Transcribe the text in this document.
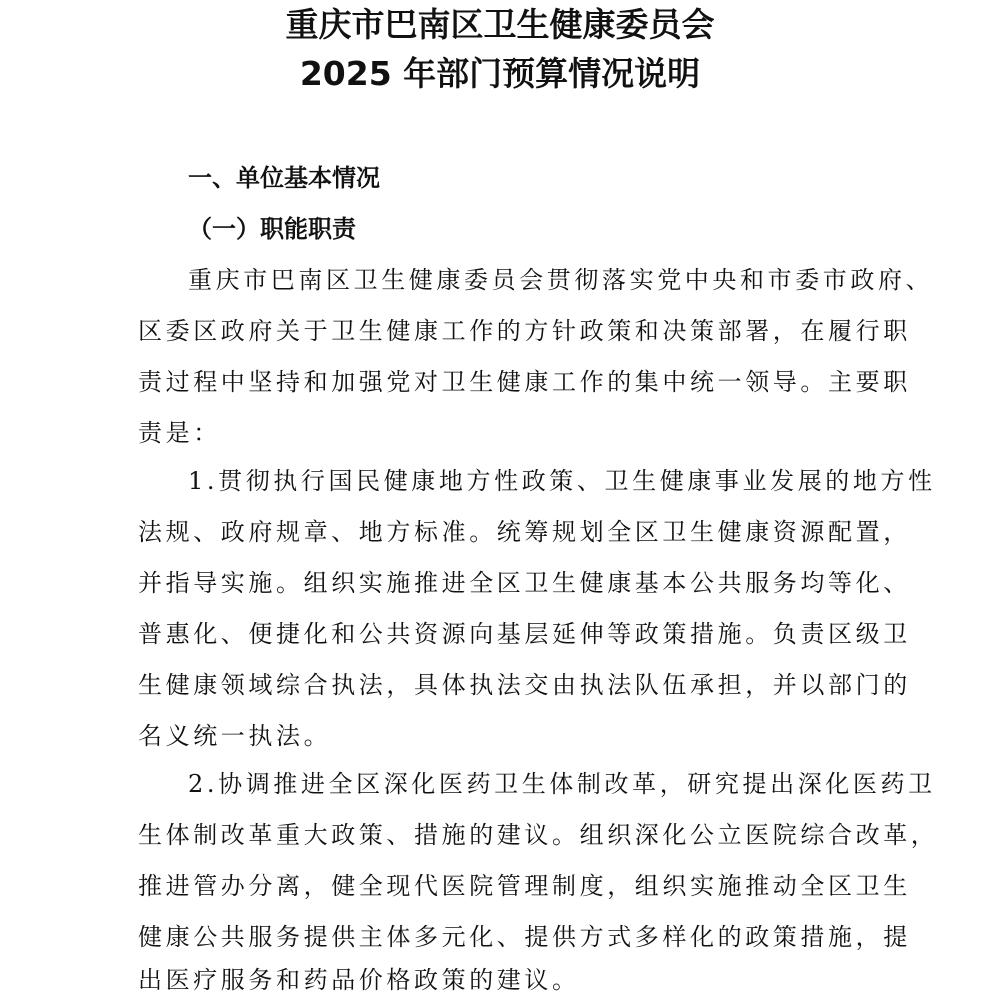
重庆市巴南区卫生健康委员会
2025 年部门预算情况说明
一、单位基本情况
（一）职能职责

重庆市巴南区卫生健康委员会贯彻落实党中央和市委市政府、

区委区政府关于卫生健康工作的方针政策和决策部署，在履行职

责过程中坚持和加强党对卫生健康工作的集中统一领导。主要职

责是：

1.贯彻执行国民健康地方性政策、卫生健康事业发展的地方性

法规、政府规章、地方标准。统筹规划全区卫生健康资源配置，

并指导实施。组织实施推进全区卫生健康基本公共服务均等化、

普惠化、便捷化和公共资源向基层延伸等政策措施。负责区级卫

生健康领域综合执法，具体执法交由执法队伍承担，并以部门的

名义统一执法。

2.协调推进全区深化医药卫生体制改革，研究提出深化医药卫

生体制改革重大政策、措施的建议。组织深化公立医院综合改革，

推进管办分离，健全现代医院管理制度，组织实施推动全区卫生

健康公共服务提供主体多元化、提供方式多样化的政策措施，提

出医疗服务和药品价格政策的建议。
